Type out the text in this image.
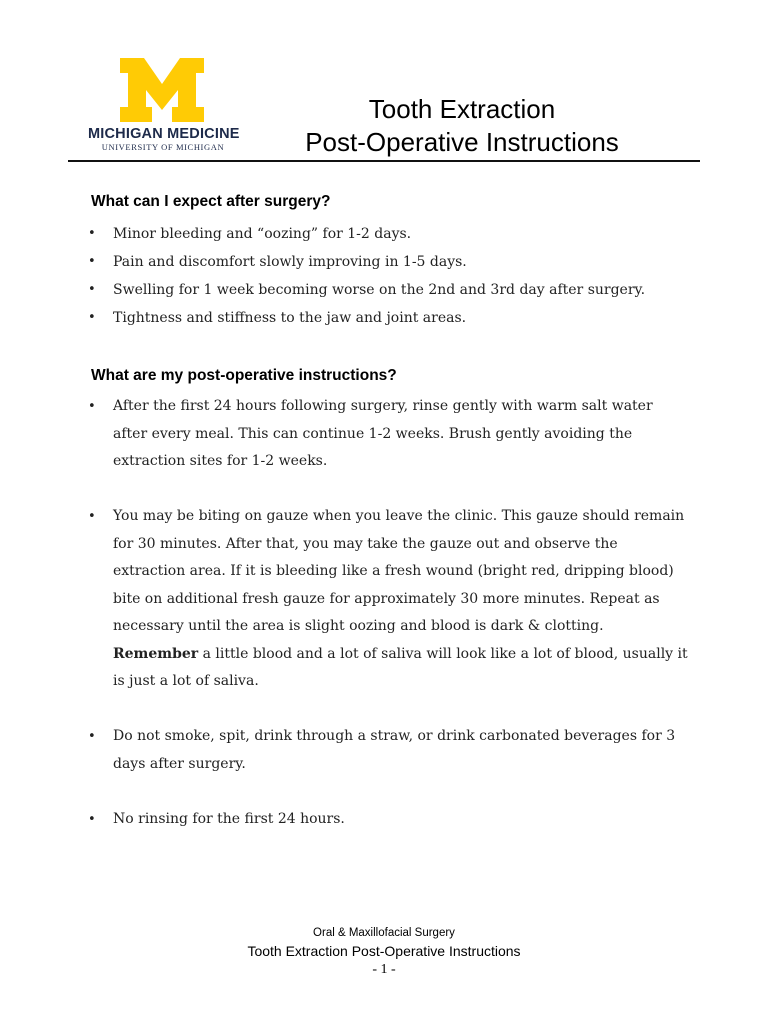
MICHIGAN MEDICINE
UNIVERSITY OF MICHIGAN
Tooth Extraction
Post-Operative Instructions
What can I expect after surgery?
• Minor bleeding and “oozing” for 1-2 days.
• Pain and discomfort slowly improving in 1-5 days.
• Swelling for 1 week becoming worse on the 2nd and 3rd day after surgery.
• Tightness and stiffness to the jaw and joint areas.
What are my post-operative instructions?
• After the first 24 hours following surgery, rinse gently with warm salt water after every meal. This can continue 1-2 weeks. Brush gently avoiding the extraction sites for 1-2 weeks.
• You may be biting on gauze when you leave the clinic. This gauze should remain for 30 minutes. After that, you may take the gauze out and observe the extraction area. If it is bleeding like a fresh wound (bright red, dripping blood) bite on additional fresh gauze for approximately 30 more minutes. Repeat as necessary until the area is slight oozing and blood is dark & clotting. Remember a little blood and a lot of saliva will look like a lot of blood, usually it is just a lot of saliva.
• Do not smoke, spit, drink through a straw, or drink carbonated beverages for 3 days after surgery.
• No rinsing for the first 24 hours.
Oral & Maxillofacial Surgery
Tooth Extraction Post-Operative Instructions
- 1 -
